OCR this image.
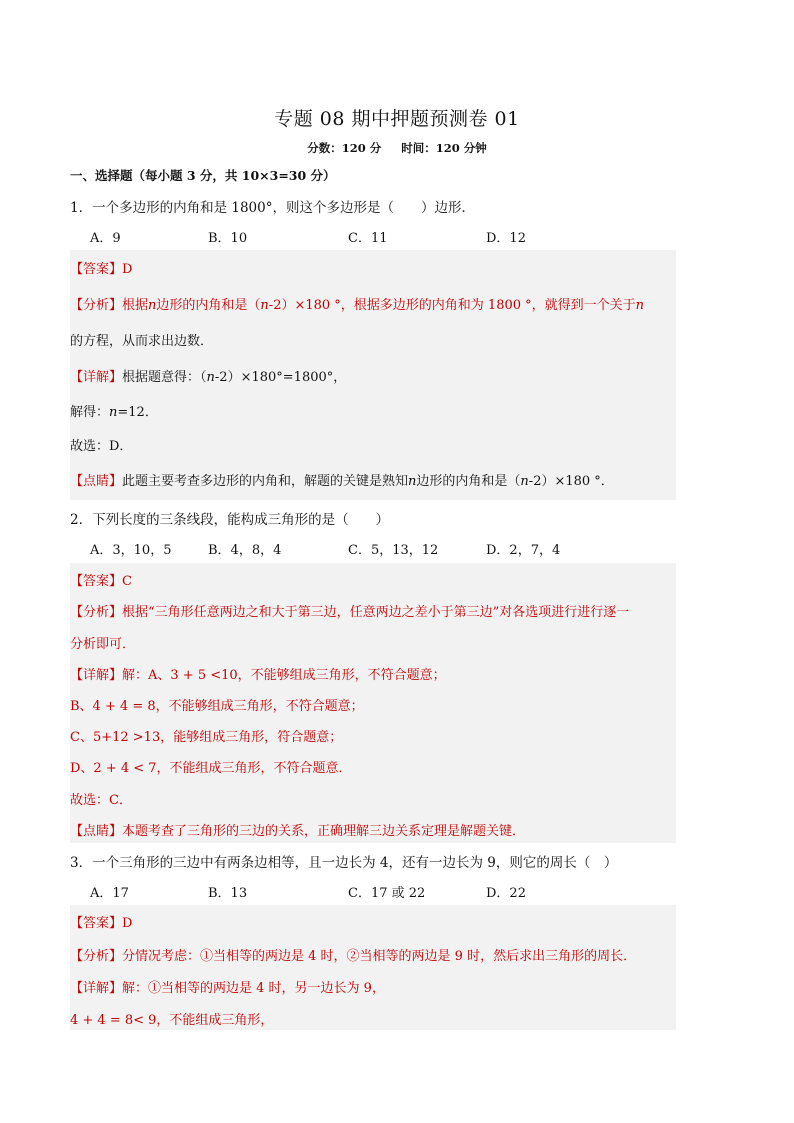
专题 08 期中押题预测卷 01
分数：120 分 时间：120 分钟
一、选择题（每小题 3 分，共 10×3=30 分）
1．一个多边形的内角和是 1800°，则这个多边形是（　　）边形．
A．9	B．10	C．11	D．12
【答案】D
【分析】根据n边形的内角和是（n-2）×180 °，根据多边形的内角和为 1800 °，就得到一个关于n
的方程，从而求出边数．
【详解】根据题意得：（n-2）×180°=1800°，
解得：n=12．
故选：D．
【点睛】此题主要考查多边形的内角和，解题的关键是熟知n边形的内角和是（n-2）×180 °．
2．下列长度的三条线段，能构成三角形的是（　　）
A．3，10，5	B．4，8，4	C．5，13，12	D．2，7，4
【答案】C
【分析】根据“三角形任意两边之和大于第三边，任意两边之差小于第三边”对各选项进行进行逐一
分析即可．
【详解】解：A、3 + 5 <10，不能够组成三角形，不符合题意；
B、4 + 4 = 8，不能够组成三角形，不符合题意；
C、5+12 >13，能够组成三角形，符合题意；
D、2 + 4 < 7，不能组成三角形，不符合题意．
故选：C．
【点睛】本题考查了三角形的三边的关系，正确理解三边关系定理是解题关键．
3．一个三角形的三边中有两条边相等，且一边长为 4，还有一边长为 9，则它的周长（　）
A．17	B．13	C．17 或 22	D．22
【答案】D
【分析】分情况考虑：①当相等的两边是 4 时，②当相等的两边是 9 时，然后求出三角形的周长．
【详解】解：①当相等的两边是 4 时，另一边长为 9，
4 + 4 = 8< 9，不能组成三角形，
